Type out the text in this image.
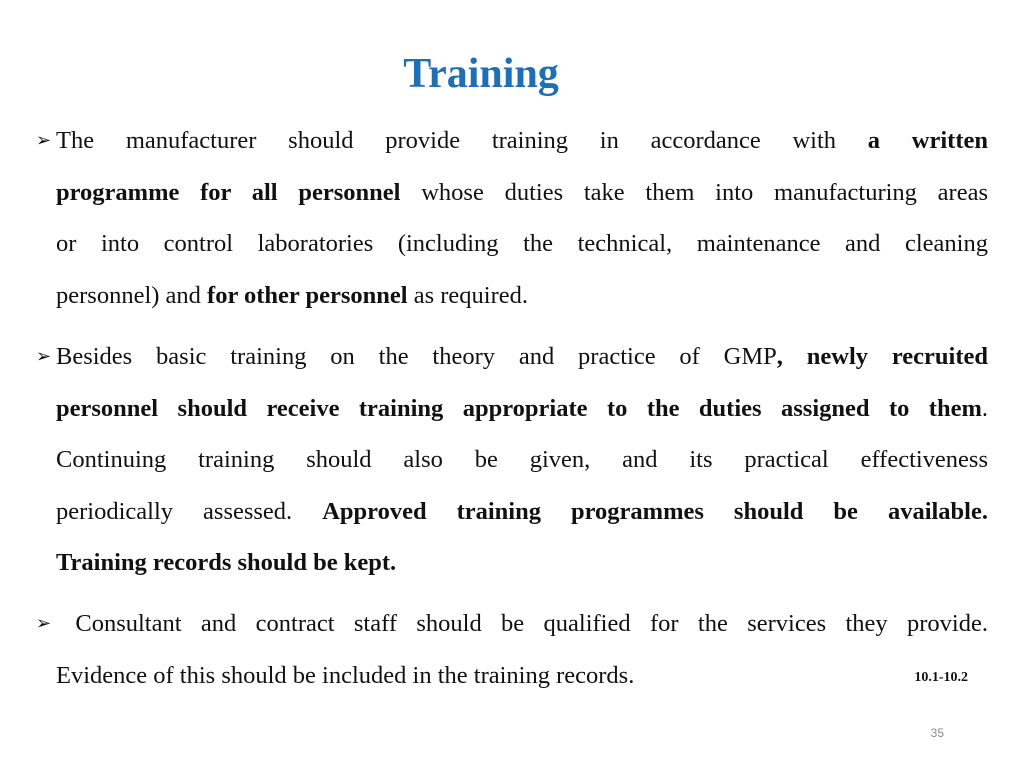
Training
➢ The manufacturer should provide training in accordance with a written
programme for all personnel whose duties take them into manufacturing areas
or into control laboratories (including the technical, maintenance and cleaning
personnel) and for other personnel as required.
➢ Besides basic training on the theory and practice of GMP, newly recruited
personnel should receive training appropriate to the duties assigned to them.
Continuing training should also be given, and its practical effectiveness
periodically assessed. Approved training programmes should be available.
Training records should be kept.
➢ Consultant and contract staff should be qualified for the services they provide.
Evidence of this should be included in the training records.	10.1-10.2
35
